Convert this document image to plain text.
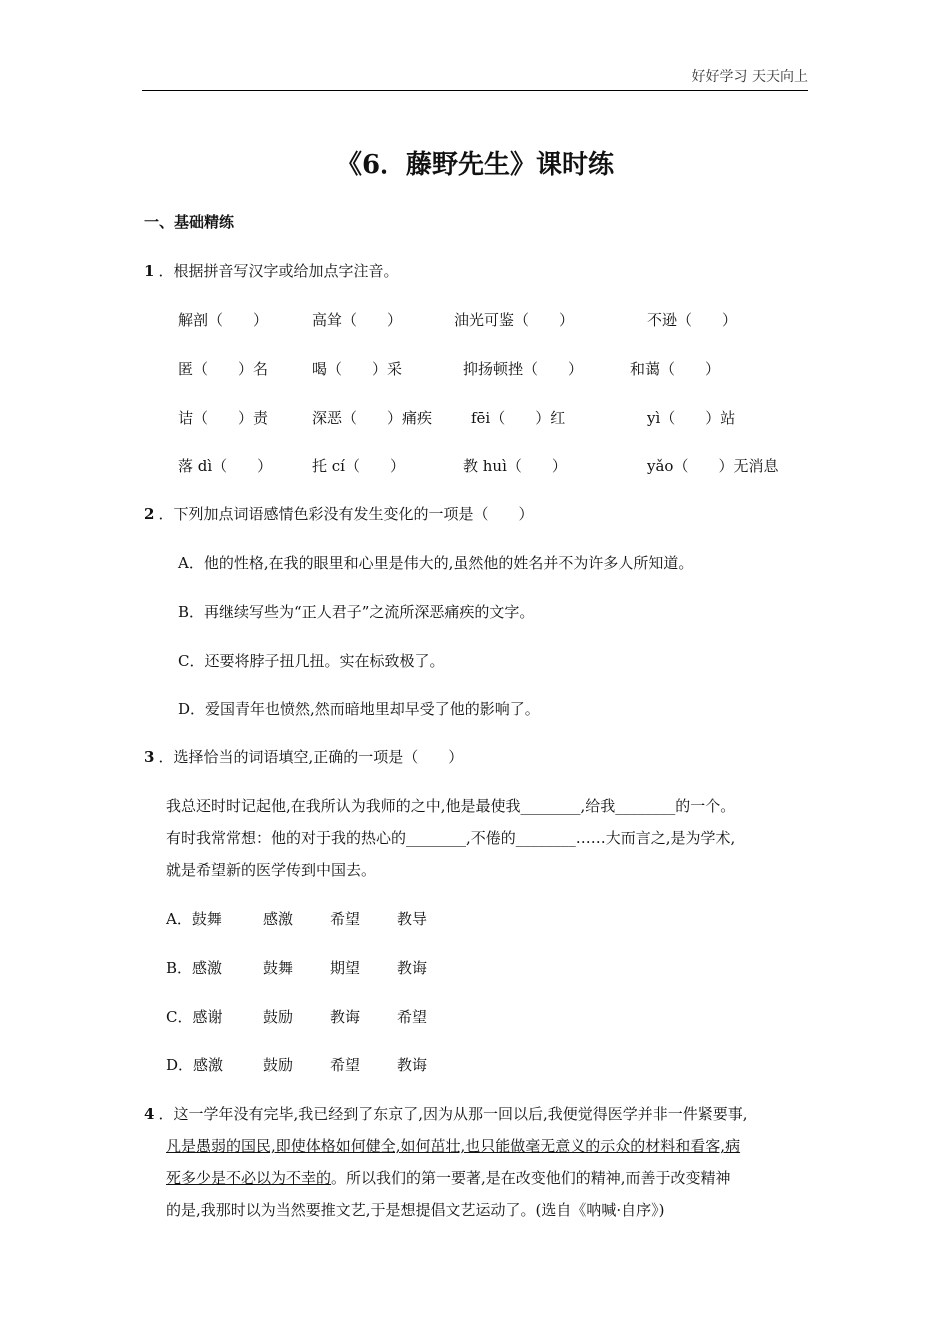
好好学习 天天向上
《6．藤野先生》课时练
一、基础精练
1 ．根据拼音写汉字或给加点字注音。
解剖（　　）	高耸（　　）	油光可鉴（　　）	不逊（　　）
匿（　　）名	喝（　　）采	抑扬顿挫（　　）	和蔼（　　）
诘（　　）责	深恶（　　）痛疾	fēi（　　）红	yì（　　）站
落 dì（　　）	托 cí（　　）	教 huì（　　）	yǎo（　　）无消息
2 ．下列加点词语感情色彩没有发生变化的一项是（　　）
A．他的性格,在我的眼里和心里是伟大的,虽然他的姓名并不为许多人所知道。
B．再继续写些为“正人君子”之流所深恶痛疾的文字。
C．还要将脖子扭几扭。实在标致极了。
D．爱国青年也愤然,然而暗地里却早受了他的影响了。
3 ．选择恰当的词语填空,正确的一项是（　　）
我总还时时记起他,在我所认为我师的之中,他是最使我________,给我________的一个。
有时我常常想：他的对于我的热心的________,不倦的________……大而言之,是为学术,
就是希望新的医学传到中国去。
A．鼓舞	感激 希望 教导
B．感激	鼓舞 期望 教诲
C．感谢	鼓励 教诲 希望
D．感激	鼓励 希望 教诲
4 ．这一学年没有完毕,我已经到了东京了,因为从那一回以后,我便觉得医学并非一件紧要事,
凡是愚弱的国民,即使体格如何健全,如何茁壮,也只能做毫无意义的示众的材料和看客,病
死多少是不必以为不幸的。所以我们的第一要著,是在改变他们的精神,而善于改变精神
的是,我那时以为当然要推文艺,于是想提倡文艺运动了。(选自《呐喊·自序》)
